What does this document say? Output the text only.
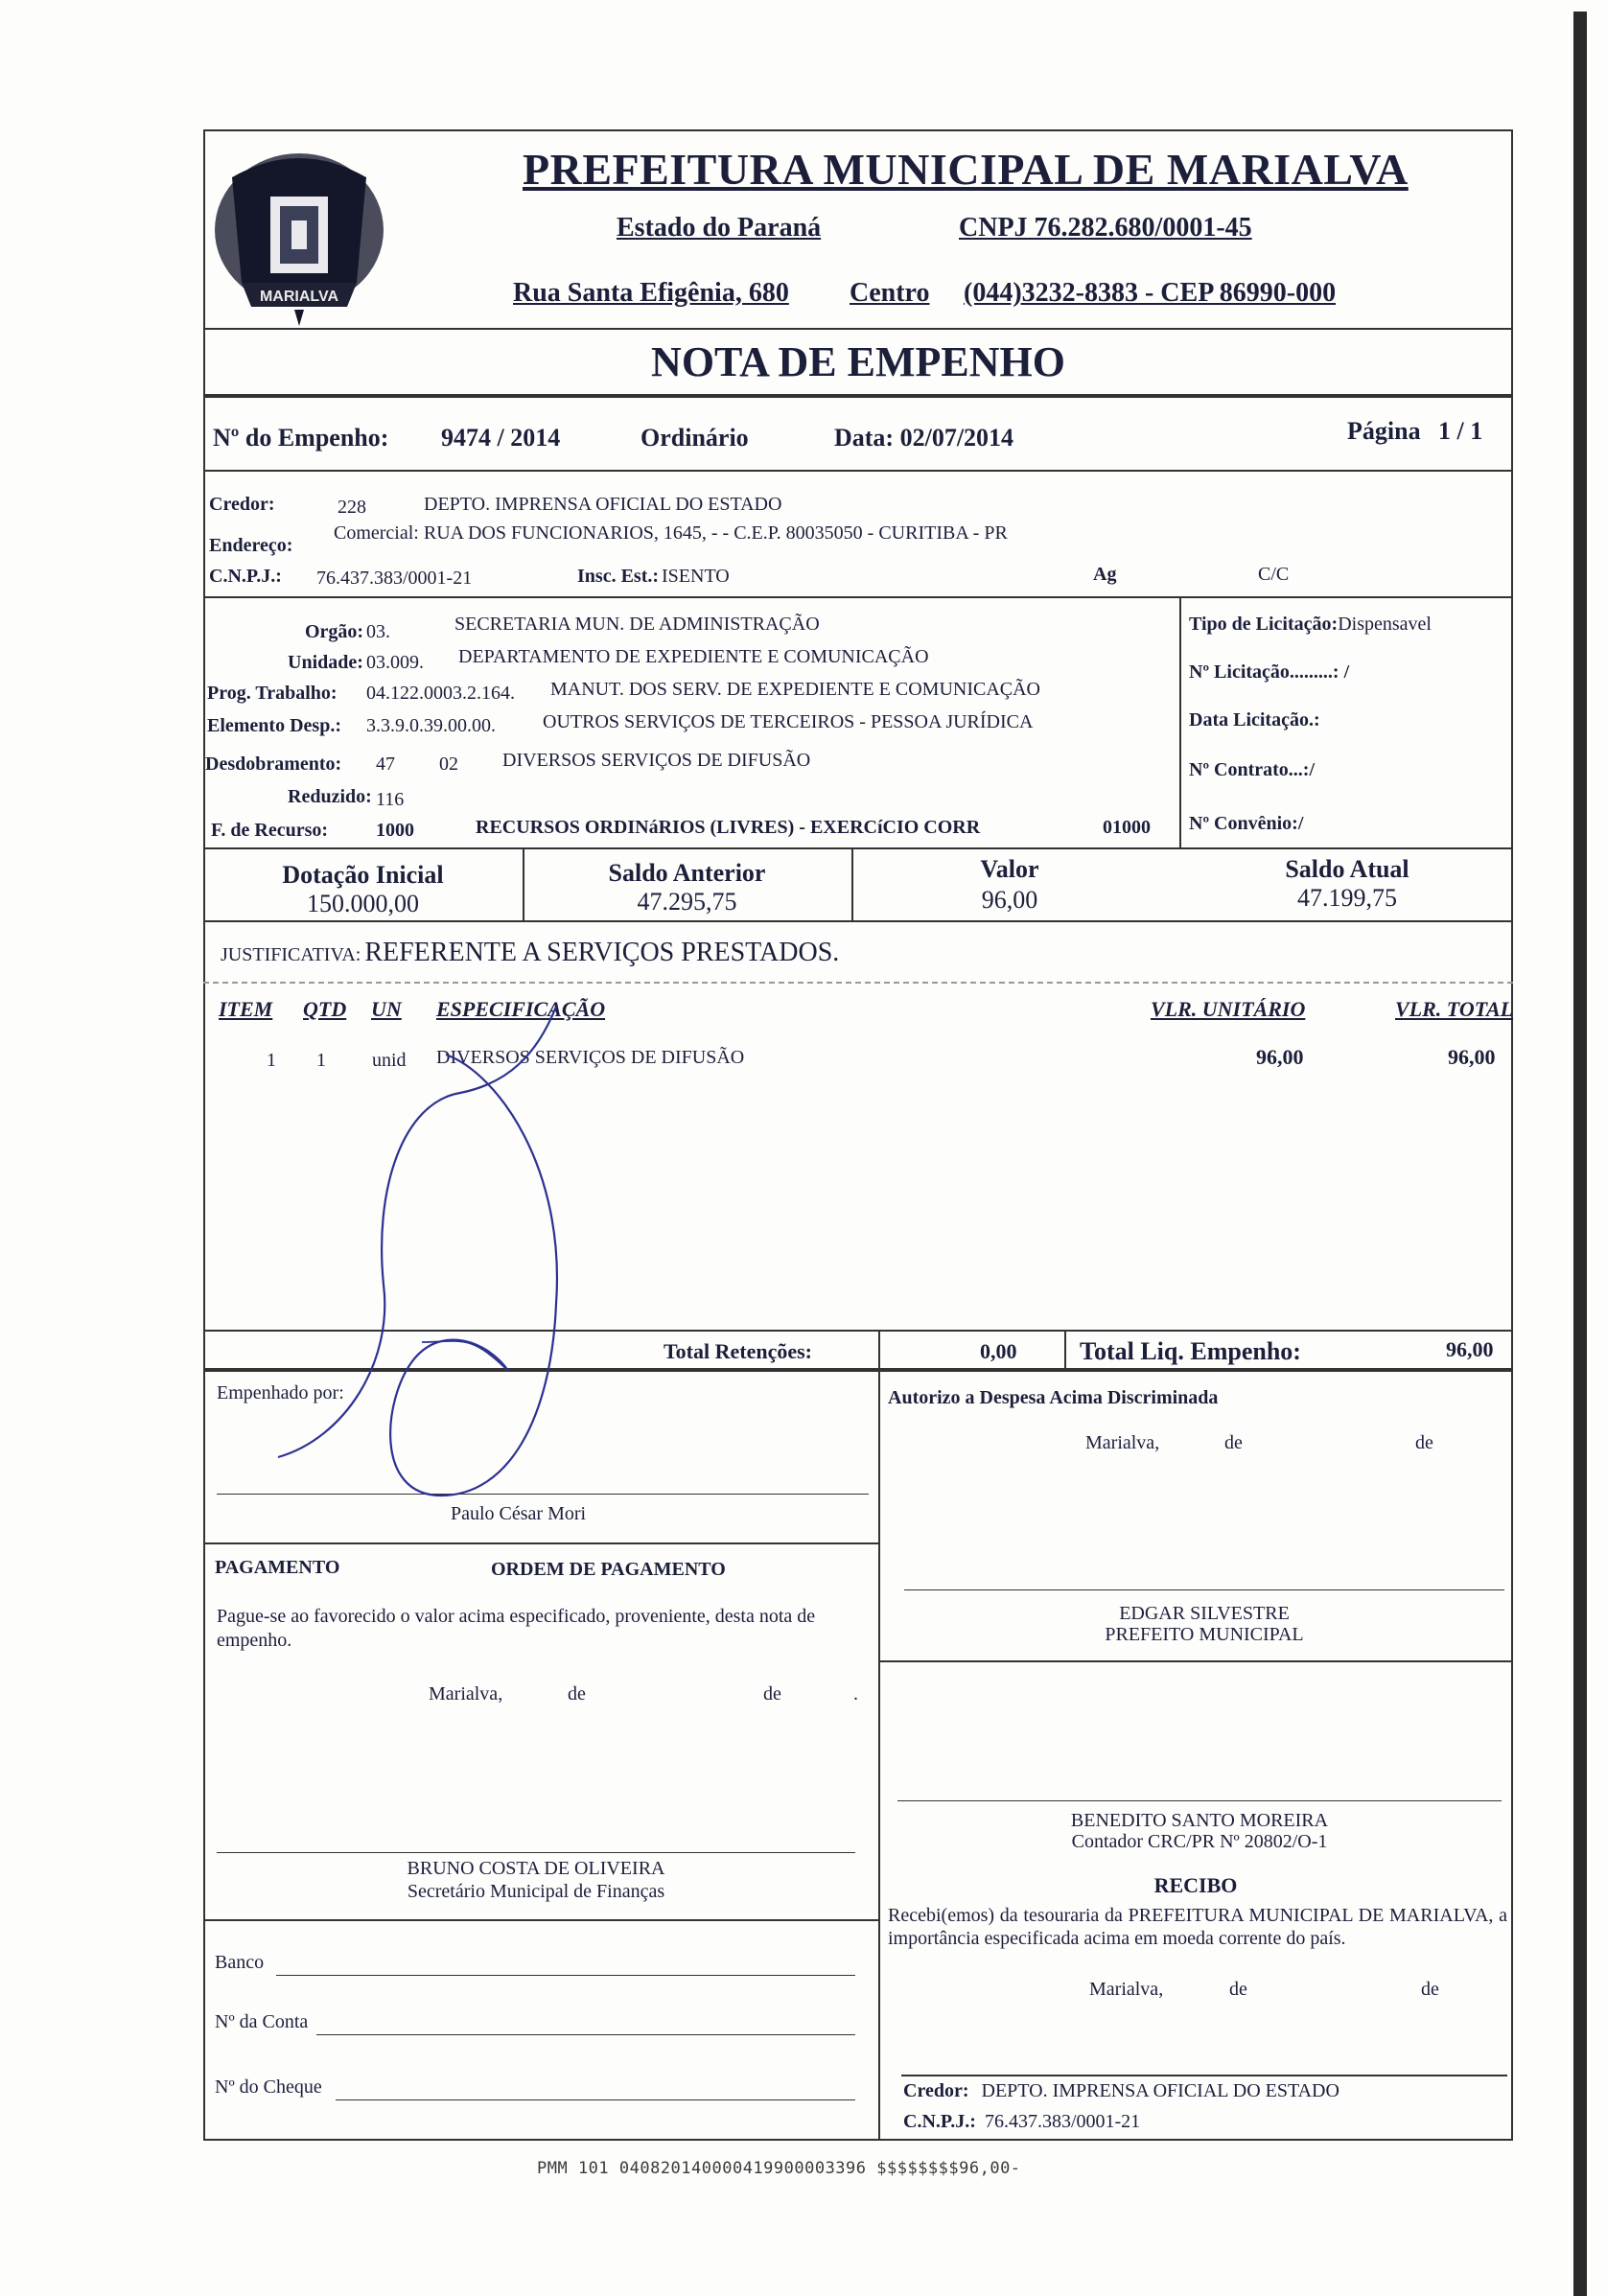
MARIALVA
PREFEITURA MUNICIPAL DE MARIALVA
Estado do Paraná	CNPJ 76.282.680/0001-45
Rua Santa Efigênia, 680 Centro (044)3232-8383 - CEP 86990-000
NOTA DE EMPENHO
Nº do Empenho: 9474 / 2014	Ordinário	Data: 02/07/2014	Página 1 / 1
Credor:	228	DEPTO. IMPRENSA OFICIAL DO ESTADO
Endereço:
Comercial: RUA DOS FUNCIONARIOS, 1645, - - C.E.P. 80035050 - CURITIBA - PR
C.N.P.J.: 76.437.383/0001-21	Insc. Est.: ISENTO	Ag	C/C
Orgão: 03.	SECRETARIA MUN. DE ADMINISTRAÇÃO
Unidade: 03.009. DEPARTAMENTO DE EXPEDIENTE E COMUNICAÇÃO
Prog. Trabalho: 04.122.0003.2.164. MANUT. DOS SERV. DE EXPEDIENTE E COMUNICAÇÃO
Elemento Desp.: 3.3.9.0.39.00.00. OUTROS SERVIÇOS DE TERCEIROS - PESSOA JURÍDICA
Desdobramento: 47 02 DIVERSOS SERVIÇOS DE DIFUSÃO
Reduzido: 116
F. de Recurso: 1000	RECURSOS ORDINáRIOS (LIVRES) - EXERCíCIO CORR	01000
Tipo de Licitação:Dispensavel
Nº Licitação.........: /
Data Licitação.:
Nº Contrato...:/
Nº Convênio:/
Dotação Inicial
150.000,00
Saldo Anterior
47.295,75
Valor
96,00
Saldo Atual
47.199,75
JUSTIFICATIVA: REFERENTE A SERVIÇOS PRESTADOS.
ITEM QTD UN ESPECIFICAÇÃO	VLR. UNITÁRIO	VLR. TOTAL
1 1 unid DIVERSOS SERVIÇOS DE DIFUSÃO	96,00	96,00
Total Retenções:	0,00	Total Liq. Empenho:	96,00
Empenhado por:
Paulo César Mori
Autorizo a Despesa Acima Discriminada
Marialva,	de	de
PAGAMENTO	ORDEM DE PAGAMENTO
Pague-se ao favorecido o valor acima especificado, proveniente, desta nota de empenho.
Marialva,	de	de	.
EDGAR SILVESTRE
PREFEITO MUNICIPAL
BENEDITO SANTO MOREIRA
Contador CRC/PR Nº 20802/O-1
BRUNO COSTA DE OLIVEIRA
Secretário Municipal de Finanças	RECIBO
Recebi(emos) da tesouraria da PREFEITURA MUNICIPAL DE MARIALVA, a importância especificada acima em moeda corrente do país.
Marialva,	de	de
Banco
Nº da Conta
Nº do Cheque	Credor: DEPTO. IMPRENSA OFICIAL DO ESTADO
C.N.P.J.: 76.437.383/0001-21
PMM 101 040820140000419900003396 $$$$$$$$96,00-
